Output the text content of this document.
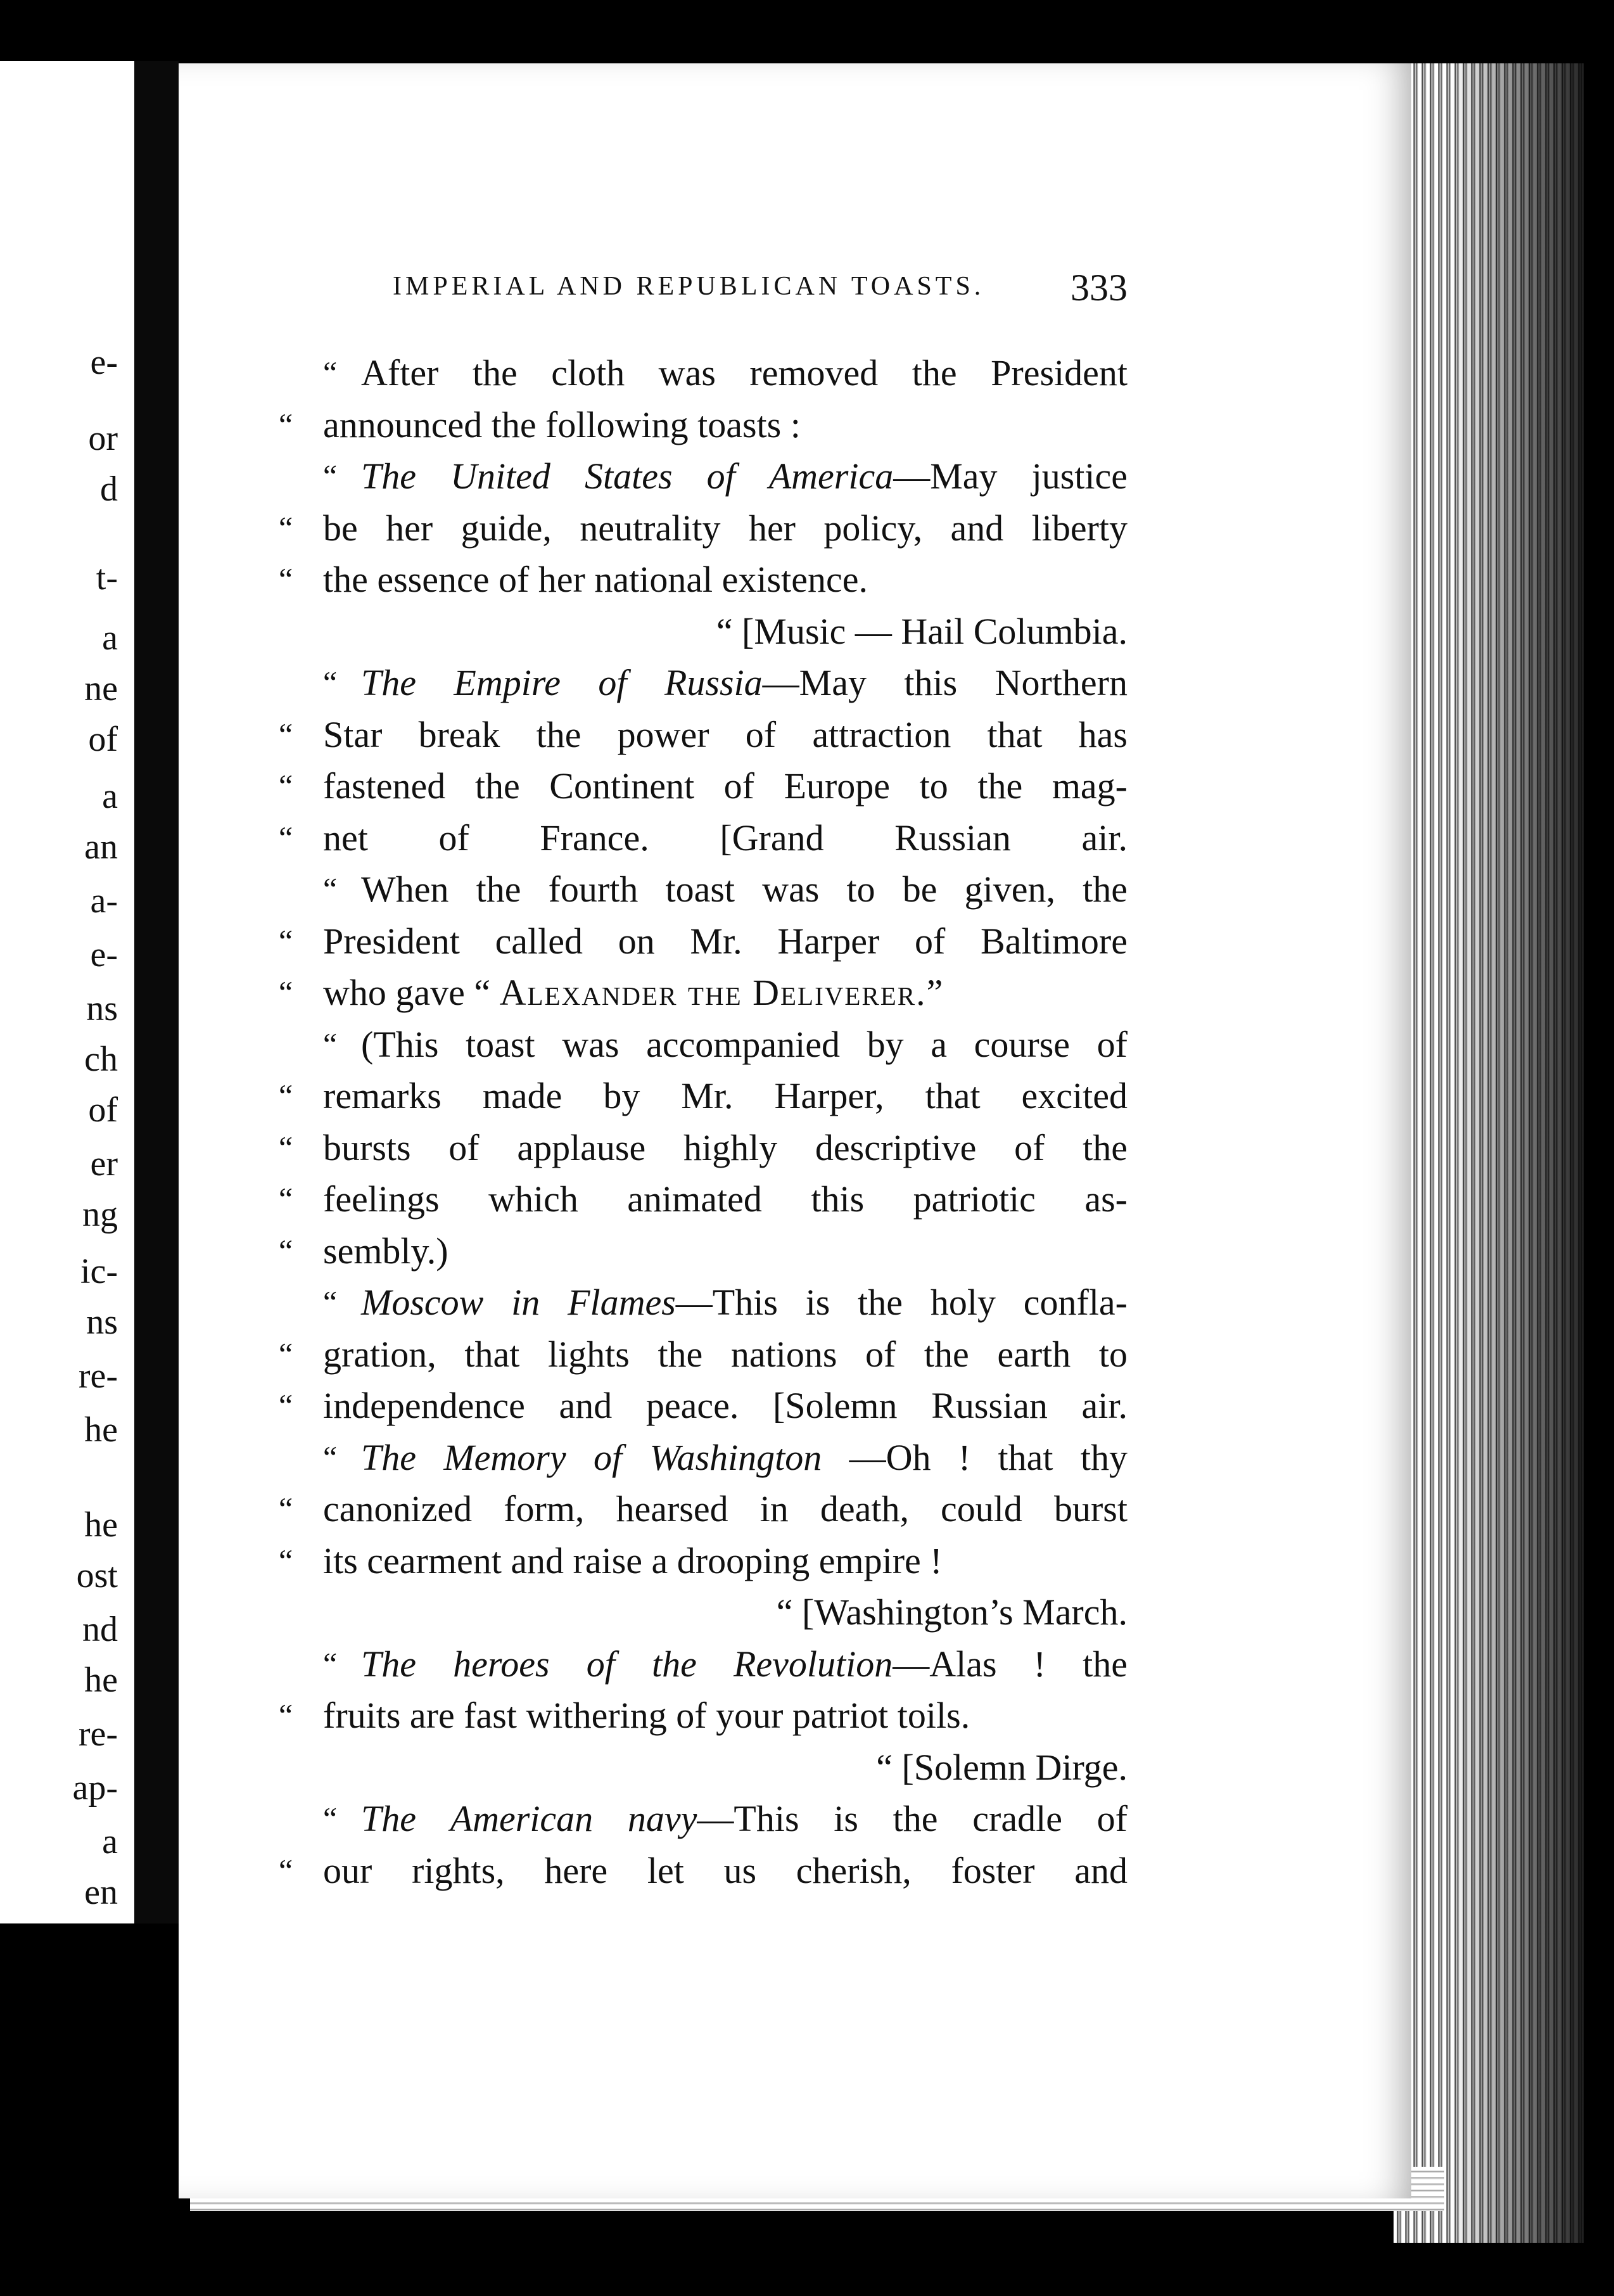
e-
or
d
t-
a
ne
of
a
an
a-
e-
ns
ch
of
er
ng
ic-
ns
re-
he
he
ost
nd
he
re-
ap-
a
en
IMPERIAL AND REPUBLICAN TOASTS. 333
“ After the cloth was removed the President
“ announced the following toasts :
“ The United States of America—May justice
“ be her guide, neutrality her policy, and liberty
“ the essence of her national existence.
“ [Music — Hail Columbia.
“ The Empire of Russia—May this Northern
“ Star break the power of attraction that has
“ fastened the Continent of Europe to the mag-
“ net of France. [Grand Russian air.
“ When the fourth toast was to be given, the
“ President called on Mr. Harper of Baltimore
“ who gave “ Alexander the Deliverer.”
“ (This toast was accompanied by a course of
“ remarks made by Mr. Harper, that excited
“ bursts of applause highly descriptive of the
“ feelings which animated this patriotic as-
“ sembly.)
“ Moscow in Flames—This is the holy confla-
“ gration, that lights the nations of the earth to
“ independence and peace. [Solemn Russian air.
“ The Memory of Washington —Oh ! that thy
“ canonized form, hearsed in death, could burst
“ its cearment and raise a drooping empire !
“ [Washington’s March.
“ The heroes of the Revolution—Alas ! the
“ fruits are fast withering of your patriot toils.
“ [Solemn Dirge.
“ The American navy—This is the cradle of
“ our rights, here let us cherish, foster and
